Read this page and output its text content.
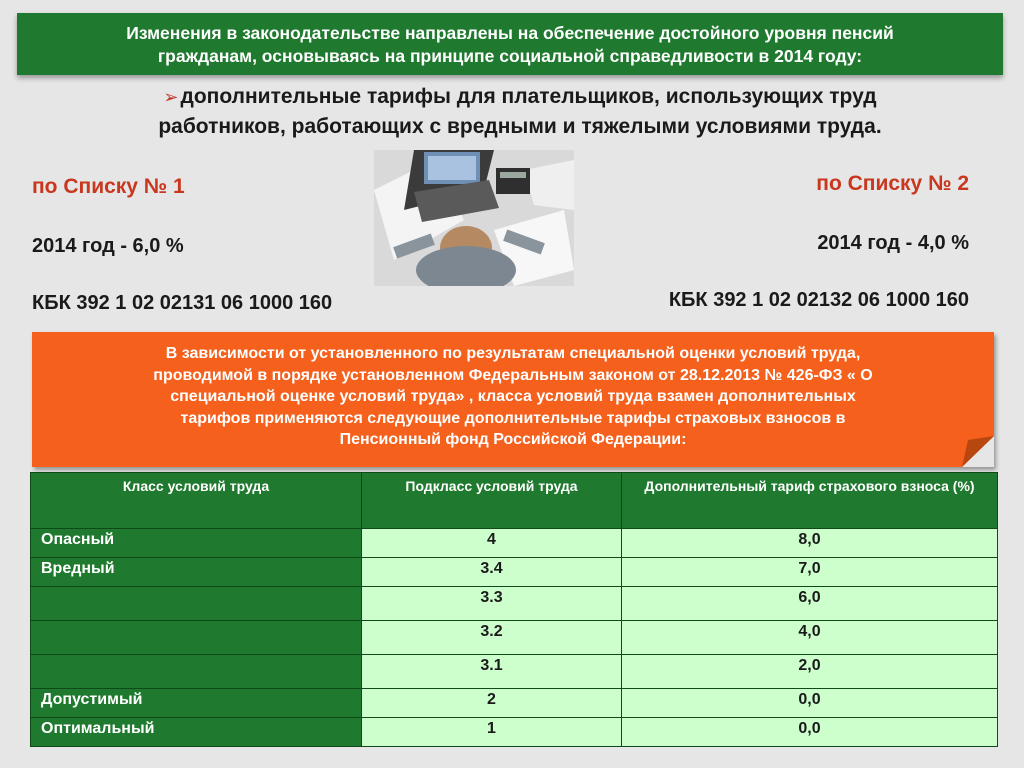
Изменения в законодательстве направлены на обеспечение достойного уровня пенсий
гражданам, основываясь на принципе социальной справедливости в 2014 году:
➢дополнительные тарифы для плательщиков, использующих труд
работников, работающих с вредными и тяжелыми условиями труда.
по Списку № 1
2014 год - 6,0 %
КБК 392 1 02 02131 06 1000 160
по Списку № 2
2014 год - 4,0 %
КБК 392 1 02 02132 06 1000 160
В зависимости от установленного по результатам специальной оценки условий труда,
проводимой в порядке установленном Федеральным законом от 28.12.2013 № 426-ФЗ « О
специальной оценке условий труда» , класса условий труда взамен дополнительных
тарифов применяются следующие дополнительные тарифы страховых взносов в
Пенсионный фонд Российской Федерации:
Класс условий труда	Подкласс условий труда	Дополнительный тариф страхового взноса (%)
Опасный	4	8,0
Вредный	3.4	7,0
	3.3	6,0
	3.2	4,0
	3.1	2,0
Допустимый	2	0,0
Оптимальный	1	0,0
